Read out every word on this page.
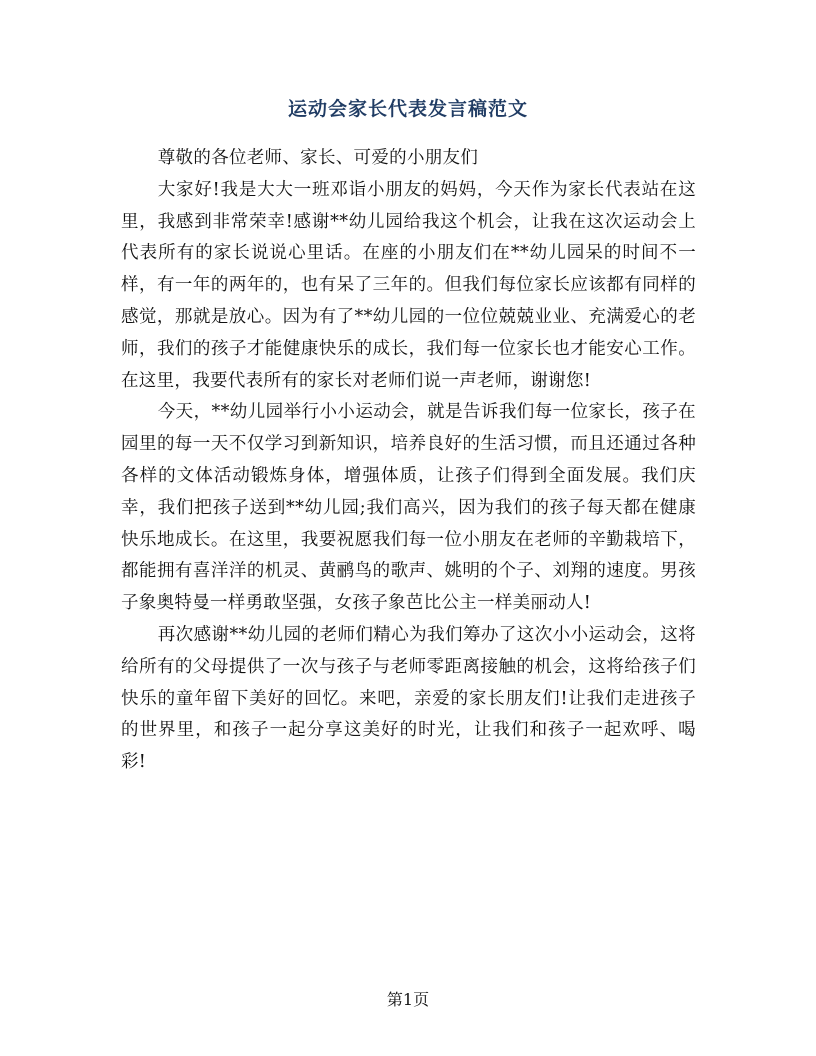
运动会家长代表发言稿范文

尊敬的各位老师、家长、可爱的小朋友们

大家好!我是大大一班邓诣小朋友的妈妈，今天作为家长代表站在这里，我感到非常荣幸!感谢**幼儿园给我这个机会，让我在这次运动会上代表所有的家长说说心里话。在座的小朋友们在**幼儿园呆的时间不一样，有一年的两年的，也有呆了三年的。但我们每位家长应该都有同样的感觉，那就是放心。因为有了**幼儿园的一位位兢兢业业、充满爱心的老师，我们的孩子才能健康快乐的成长，我们每一位家长也才能安心工作。在这里，我要代表所有的家长对老师们说一声老师，谢谢您!

今天，**幼儿园举行小小运动会，就是告诉我们每一位家长，孩子在园里的每一天不仅学习到新知识，培养良好的生活习惯，而且还通过各种各样的文体活动锻炼身体，增强体质，让孩子们得到全面发展。我们庆幸，我们把孩子送到**幼儿园;我们高兴，因为我们的孩子每天都在健康快乐地成长。在这里，我要祝愿我们每一位小朋友在老师的辛勤栽培下，都能拥有喜洋洋的机灵、黄鹂鸟的歌声、姚明的个子、刘翔的速度。男孩子象奥特曼一样勇敢坚强，女孩子象芭比公主一样美丽动人!

再次感谢**幼儿园的老师们精心为我们筹办了这次小小运动会，这将给所有的父母提供了一次与孩子与老师零距离接触的机会，这将给孩子们快乐的童年留下美好的回忆。来吧，亲爱的家长朋友们!让我们走进孩子的世界里，和孩子一起分享这美好的时光，让我们和孩子一起欢呼、喝彩!

第1页
